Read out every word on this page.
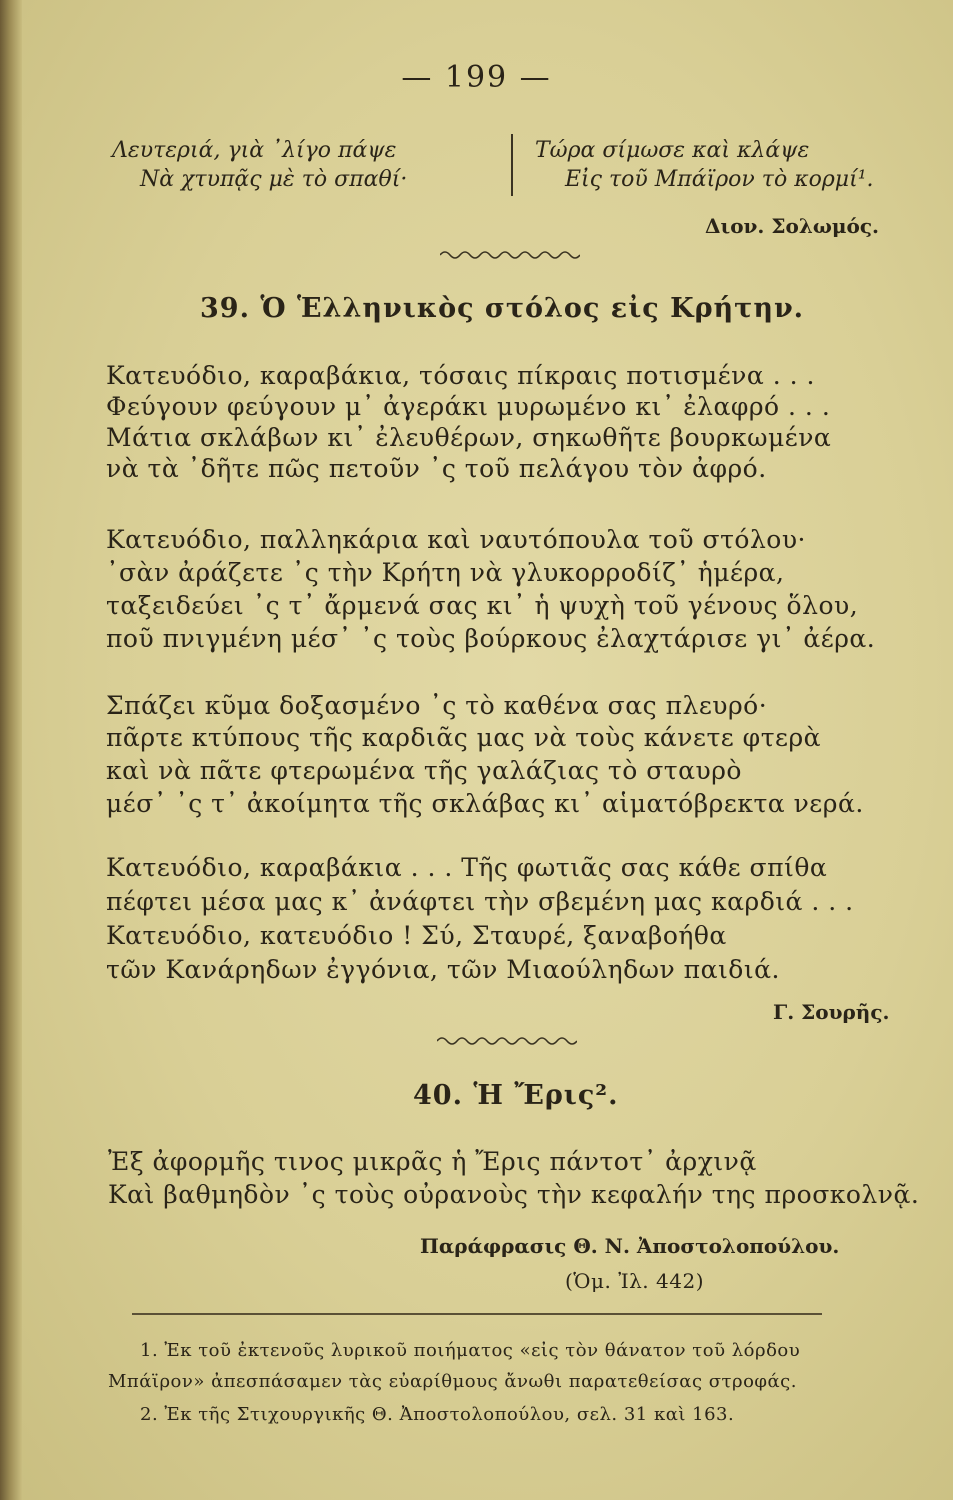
— 199 —
Λευτεριά, γιὰ ᾽λίγο πάψε
Νὰ χτυπᾷς μὲ τὸ σπαθί·
Τώρα σίμωσε καὶ κλάψε
Εἰς τοῦ Μπάϊρον τὸ κορμί¹.
Διον. Σολωμός.
39. Ὁ Ἑλληνικὸς στόλος εἰς Κρήτην.
Κατευόδιο, καραβάκια, τόσαις πίκραις ποτισμένα . . .
Φεύγουν φεύγουν μ᾽ ἀγεράκι μυρωμένο κι᾽ ἐλαφρό . . .
Μάτια σκλάβων κι᾽ ἐλευθέρων, σηκωθῆτε βουρκωμένα
νὰ τὰ ᾽δῆτε πῶς πετοῦν ᾽ς τοῦ πελάγου τὸν ἀφρό.
Κατευόδιο, παλληκάρια καὶ ναυτόπουλα τοῦ στόλου·
᾽σὰν ἀράζετε ᾽ς τὴν Κρήτη νὰ γλυκορροδίζ᾽ ἡμέρα,
ταξειδεύει ᾽ς τ᾽ ἄρμενά σας κι᾽ ἡ ψυχὴ τοῦ γένους ὅλου,
ποῦ πνιγμένη μέσ᾽ ᾽ς τοὺς βούρκους ἐλαχτάρισε γι᾽ ἀέρα.
Σπάζει κῦμα δοξασμένο ᾽ς τὸ καθένα σας πλευρό·
πᾶρτε κτύπους τῆς καρδιᾶς μας νὰ τοὺς κάνετε φτερὰ
καὶ νὰ πᾶτε φτερωμένα τῆς γαλάζιας τὸ σταυρὸ
μέσ᾽ ᾽ς τ᾽ ἀκοίμητα τῆς σκλάβας κι᾽ αἱματόβρεκτα νερά.
Κατευόδιο, καραβάκια . . . Τῆς φωτιᾶς σας κάθε σπίθα
πέφτει μέσα μας κ᾽ ἀνάφτει τὴν σβεμένη μας καρδιά . . .
Κατευόδιο, κατευόδιο ! Σύ, Σταυρέ, ξαναβοήθα
τῶν Κανάρηδων ἐγγόνια, τῶν Μιαούληδων παιδιά.
Γ. Σουρῆς.
40. Ἡ Ἔρις².
Ἐξ ἀφορμῆς τινος μικρᾶς ἡ Ἔρις πάντοτ᾽ ἀρχινᾷ
Καὶ βαθμηδὸν ᾽ς τοὺς οὐρανοὺς τὴν κεφαλήν της προσκολνᾷ.
Παράφρασις Θ. Ν. Ἀποστολοπούλου.
(Ὁμ. Ἰλ. 442)
1. Ἐκ τοῦ ἐκτενοῦς λυρικοῦ ποιήματος «εἰς τὸν θάνατον τοῦ λόρδου
Μπάϊρον» ἀπεσπάσαμεν τὰς εὐαρίθμους ἄνωθι παρατεθείσας στροφάς.
2. Ἐκ τῆς Στιχουργικῆς Θ. Ἀποστολοπούλου, σελ. 31 καὶ 163.
